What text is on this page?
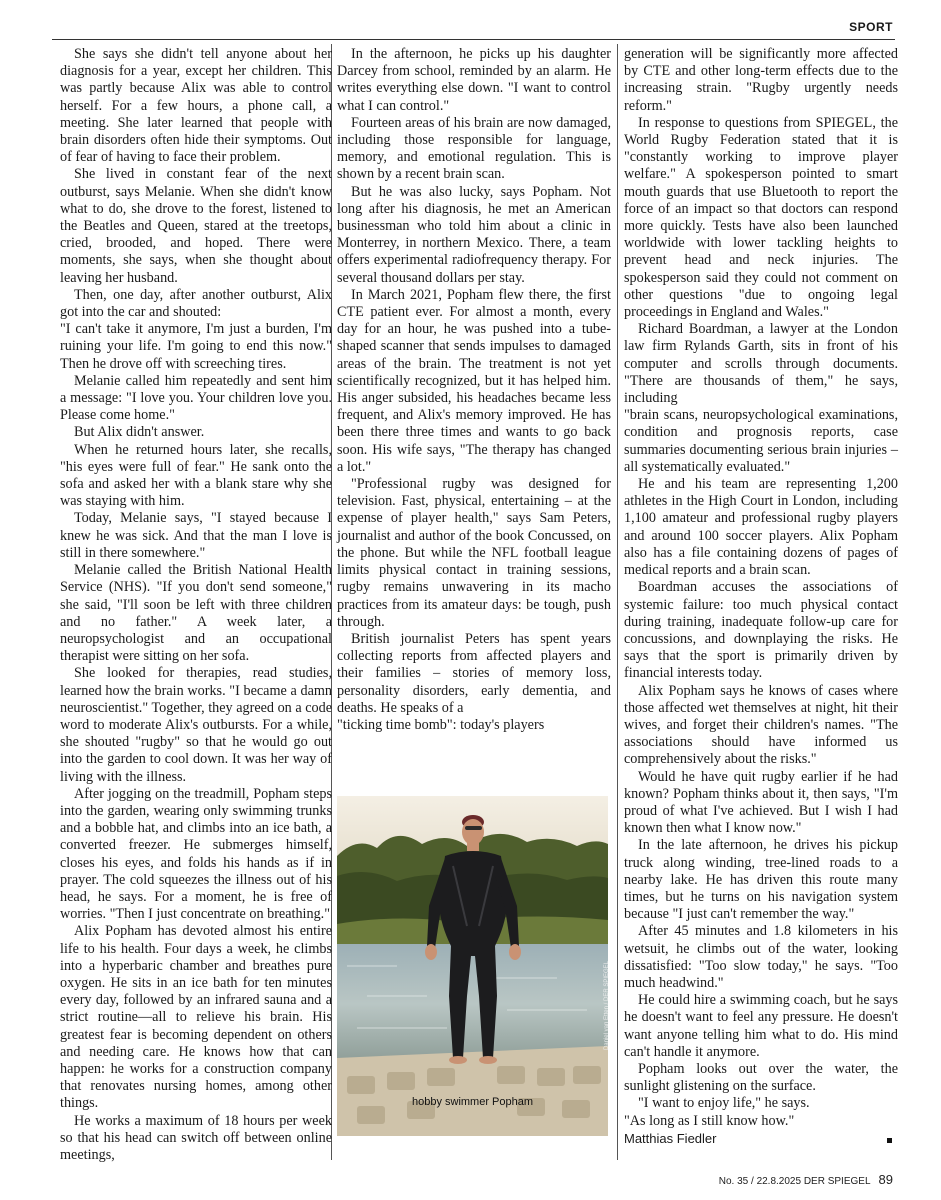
SPORT

She says she didn't tell anyone about her diagnosis for a year, except her children. This was partly because Alix was able to control herself. For a few hours, a phone call, a meeting. She later learned that people with brain disorders often hide their symptoms. Out of fear of having to face their problem.

She lived in constant fear of the next outburst, says Melanie. When she didn't know what to do, she drove to the forest, listened to the Beatles and Queen, stared at the treetops, cried, brooded, and hoped. There were moments, she says, when she thought about leaving her husband.

Then, one day, after another outburst, Alix got into the car and shouted:

"I can't take it anymore, I'm just a burden, I'm ruining your life. I'm going to end this now." Then he drove off with screeching tires.

Melanie called him repeatedly and sent him a message: "I love you. Your children love you. Please come home."

But Alix didn't answer.

When he returned hours later, she recalls, "his eyes were full of fear." He sank onto the sofa and asked her with a blank stare why she was staying with him.

Today, Melanie says, "I stayed because I knew he was sick. And that the man I love is still in there somewhere."

Melanie called the British National Health Service (NHS). "If you don't send someone," she said, "I'll soon be left with three children and no father." A week later, a neuropsychologist and an occupational therapist were sitting on her sofa.

She looked for therapies, read studies, learned how the brain works. "I became a damn neuroscientist." Together, they agreed on a code word to moderate Alix's outbursts. For a while, she shouted "rugby" so that he would go out into the garden to cool down. It was her way of living with the illness.

After jogging on the treadmill, Popham steps into the garden, wearing only swimming trunks and a bobble hat, and climbs into an ice bath, a converted freezer. He submerges himself, closes his eyes, and folds his hands as if in prayer. The cold squeezes the illness out of his head, he says. For a moment, he is free of worries. "Then I just concentrate on breathing."

Alix Popham has devoted almost his entire life to his health. Four days a week, he climbs into a hyperbaric chamber and breathes pure oxygen. He sits in an ice bath for ten minutes every day, followed by an infrared sauna and a strict routine—all to relieve his brain. His greatest fear is becoming dependent on others and needing care. He knows how that can happen: he works for a construction company that renovates nursing homes, among other things.

He works a maximum of 18 hours per week so that his head can switch off between online meetings,

In the afternoon, he picks up his daughter Darcey from school, reminded by an alarm. He writes everything else down. "I want to control what I can control."

Fourteen areas of his brain are now damaged, including those responsible for language, memory, and emotional regulation. This is shown by a recent brain scan.

But he was also lucky, says Popham. Not long after his diagnosis, he met an American businessman who told him about a clinic in Monterrey, in northern Mexico. There, a team offers experimental radiofrequency therapy. For several thousand dollars per stay.

In March 2021, Popham flew there, the first CTE patient ever. For almost a month, every day for an hour, he was pushed into a tube-shaped scanner that sends impulses to damaged areas of the brain. The treatment is not yet scientifically recognized, but it has helped him. His anger subsided, his headaches became less frequent, and Alix's memory improved. He has been there three times and wants to go back soon. His wife says, "The therapy has changed a lot."

"Professional rugby was designed for television. Fast, physical, entertaining – at the expense of player health," says Sam Peters, journalist and author of the book Concussed, on the phone. But while the NFL football league limits physical contact in training sessions, rugby remains unwavering in its macho practices from its amateur days: be tough, push through.

British journalist Peters has spent years collecting reports from affected players and their families – stories of memory loss, personality disorders, early dementia, and deaths. He speaks of a

"ticking time bomb": today's players

hobby swimmer Popham
Daniel van Etten / DER SPIEGEL

generation will be significantly more affected by CTE and other long-term effects due to the increasing strain. "Rugby urgently needs reform."

In response to questions from SPIEGEL, the World Rugby Federation stated that it is "constantly working to improve player welfare." A spokesperson pointed to smart mouth guards that use Bluetooth to report the force of an impact so that doctors can respond more quickly. Tests have also been launched worldwide with lower tackling heights to prevent head and neck injuries. The spokesperson said they could not comment on other questions "due to ongoing legal proceedings in England and Wales."

Richard Boardman, a lawyer at the London law firm Rylands Garth, sits in front of his computer and scrolls through documents. "There are thousands of them," he says, including

"brain scans, neuropsychological examinations, condition and prognosis reports, case summaries documenting serious brain injuries – all systematically evaluated."

He and his team are representing 1,200 athletes in the High Court in London, including 1,100 amateur and professional rugby players and around 100 soccer players. Alix Popham also has a file containing dozens of pages of medical reports and a brain scan.

Boardman accuses the associations of systemic failure: too much physical contact during training, inadequate follow-up care for concussions, and downplaying the risks. He says that the sport is primarily driven by financial interests today.

Alix Popham says he knows of cases where those affected wet themselves at night, hit their wives, and forget their children's names. "The associations should have informed us comprehensively about the risks."

Would he have quit rugby earlier if he had known? Popham thinks about it, then says, "I'm proud of what I've achieved. But I wish I had known then what I know now."

In the late afternoon, he drives his pickup truck along winding, tree-lined roads to a nearby lake. He has driven this route many times, but he turns on his navigation system because "I just can't remember the way."

After 45 minutes and 1.8 kilometers in his wetsuit, he climbs out of the water, looking dissatisfied: "Too slow today," he says. "Too much headwind."

He could hire a swimming coach, but he says he doesn't want to feel any pressure. He doesn't want anyone telling him what to do. His mind can't handle it anymore.

Popham looks out over the water, the sunlight glistening on the surface.

"I want to enjoy life," he says.

"As long as I still know how."

Matthias Fiedler

No. 35 / 22.8.2025 DER SPIEGEL 89
